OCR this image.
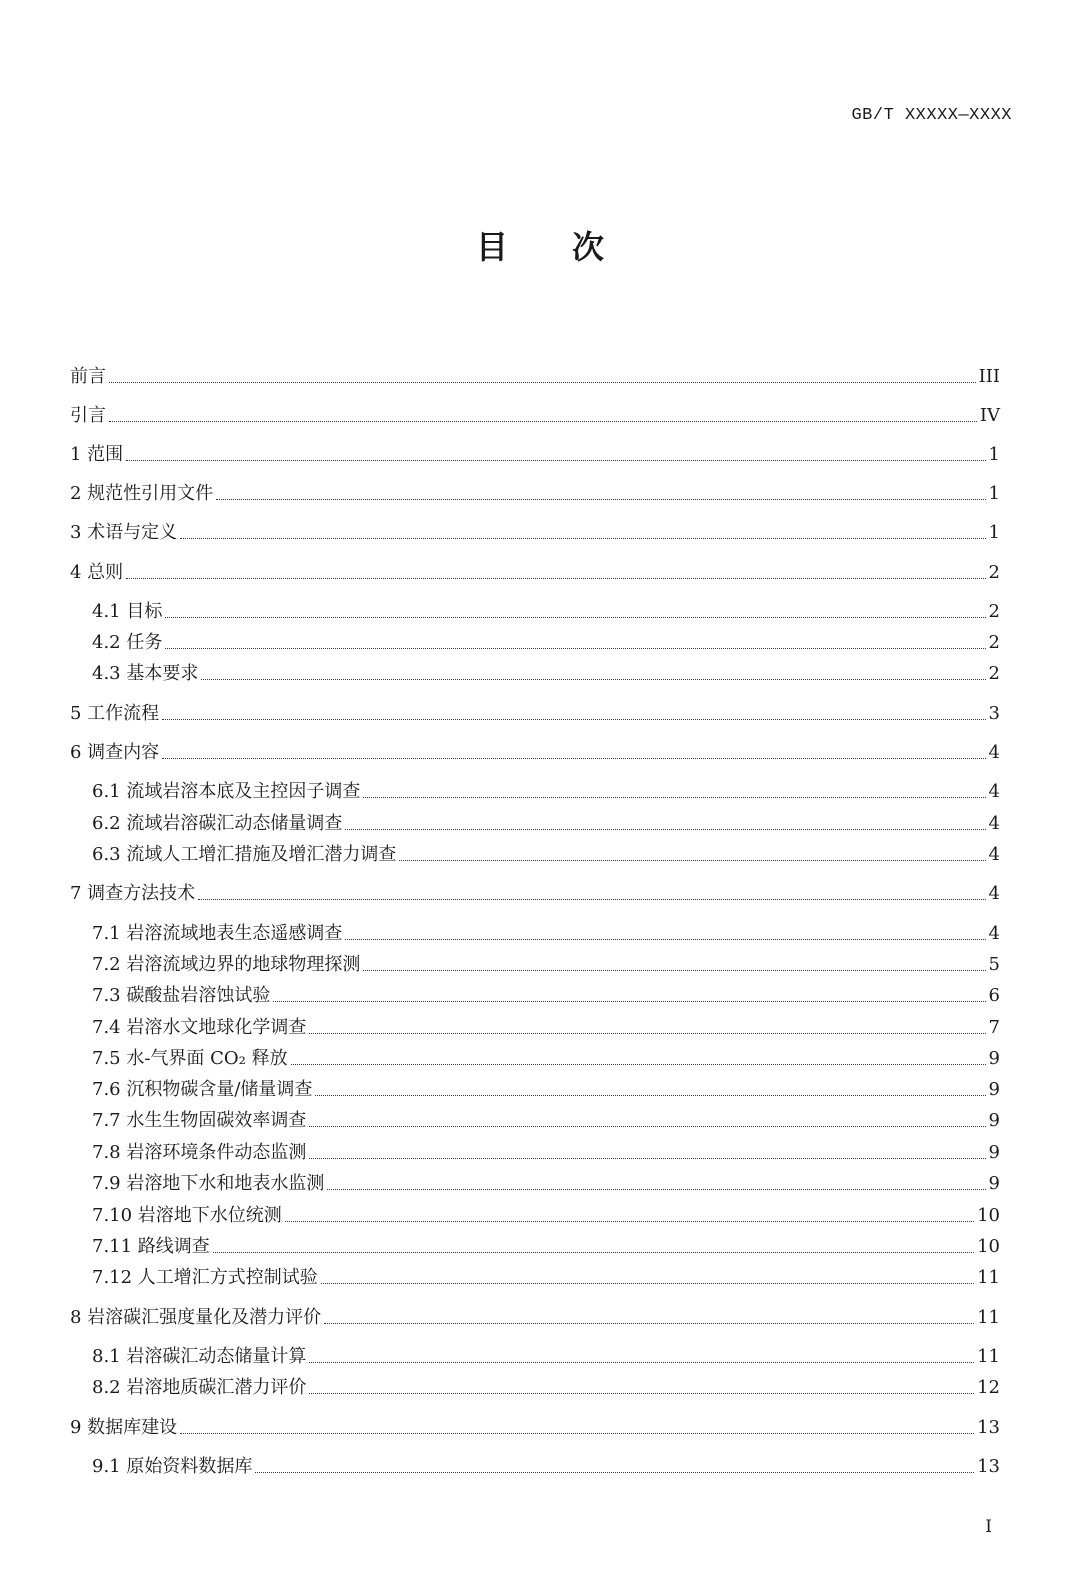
GB/T XXXXX—XXXX
目次
前言	III
引言	IV
1 范围	1
2 规范性引用文件	1
3 术语与定义	1
4 总则	2
4.1 目标	2
4.2 任务	2
4.3 基本要求	2
5 工作流程	3
6 调查内容	4
6.1 流域岩溶本底及主控因子调查	4
6.2 流域岩溶碳汇动态储量调查	4
6.3 流域人工增汇措施及增汇潜力调查	4
7 调查方法技术	4
7.1 岩溶流域地表生态遥感调查	4
7.2 岩溶流域边界的地球物理探测	5
7.3 碳酸盐岩溶蚀试验	6
7.4 岩溶水文地球化学调查	7
7.5 水-气界面 CO₂ 释放	9
7.6 沉积物碳含量/储量调查	9
7.7 水生生物固碳效率调查	9
7.8 岩溶环境条件动态监测	9
7.9 岩溶地下水和地表水监测	9
7.10 岩溶地下水位统测	10
7.11 路线调查	10
7.12 人工增汇方式控制试验	11
8 岩溶碳汇强度量化及潜力评价	11
8.1 岩溶碳汇动态储量计算	11
8.2 岩溶地质碳汇潜力评价	12
9 数据库建设	13
9.1 原始资料数据库	13
I
